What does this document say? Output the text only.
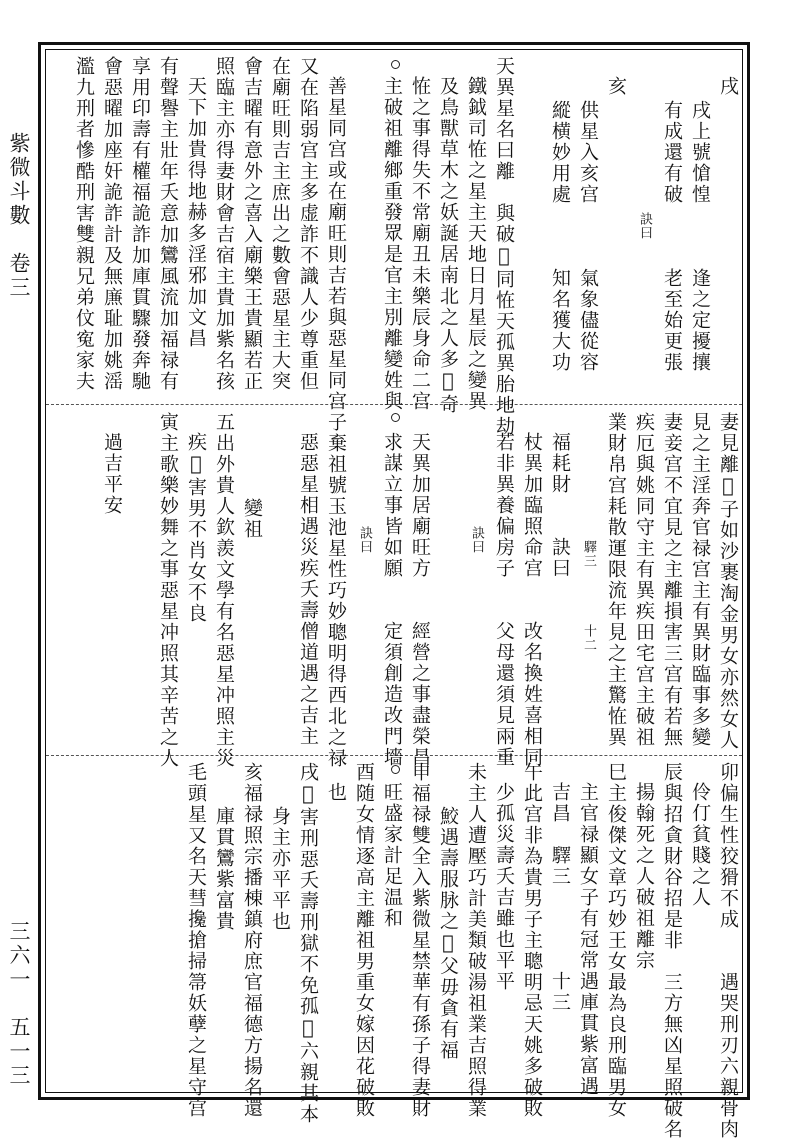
戌
戌上號愴惶　　　逢之定擾攘
有成還有破　　　老至始更張
　　　　　　訣曰
亥
供星入亥宫　　　氣象儘從容
縱横妙用處　　　知名獲大功
天異星名曰離　與破𣢾同恠天孤異胎地劫
鐵鉞司恠之星主天地日月星辰之變異
及鳥獸草木之妖誕居南北之人多𢤢奇
恠之事得失不常廟丑未樂辰身命二宫
主破祖離鄉重發眾是官主別離變姓與
善星同宫或在廟旺則吉若與惡星同宫
又在陷弱宫主多虚詐不識人少尊重但
在廟旺則吉主庶出之數會惡星主大突
會吉曜有意外之喜入廟樂王貴顯若正
照臨主亦得妻財會吉宿主貴加紫名孩
天下加貴得地赫多淫邪加文昌
有聲譽主壯年夭意加鸞風流加福禄有
享用印壽有權福詭詐加庫貫驟發奔馳
會惡曜加座奸詭詐計及無㢘耻加姚滛
濫九刑者慘酷刑害雙親兄弟伩寃家夫
妻見離𣢾子如沙裹淘金男女亦然女人
見之主淫奔官禄宫主有異財臨事多變
妻妾宫不宜見之主離損害三宫有若無
疾厄與姚同守主有異疾田宅宫主破祖
業財帛宫耗散運限流年見之主驚恠異
　　　　驛三　　　　十二
福耗財　　訣曰
杖異加臨照命宫　　改名換姓喜相同
若非異養偏房子　　父母還須見兩重
　　　訣曰
天異加居廟旺方　　經營之事盡榮昌
求謀立事皆如願　　定須創造改門墻
　　　訣曰
子棄祖號玉池星性巧妙聰明得西北之禄
惡惡星相遇災疾夭壽僧道遇之吉主
　　變祖
五出外貴人欽羨文學有名惡星冲照主災
疾𣢾害男不肖女不良
寅主歌樂妙舞之事惡星冲照其辛苦之人
過吉平安
卯偏生性狡猾不成　　遇哭刑刃六親骨肉
伶仃貧賤之人
辰與招貪財谷招是非　三方無凶星照破名
揚翰死之人破祖離宗
巳主俊傑文章巧妙王女最為良刑臨男女
主官禄顯女子有冠常遇庫貫紫富遇
吉昌　驛三　　　　十三
午此宫非為貴男子主聰明忌天姚多破敗
少孤災壽夭吉雖也平平
未主人遭壓巧計美類破湯祖業吉照得業
鮫遇壽服脉之𣢾父毋貪有福
申福禄雙全入紫微星禁華有孫子得妻財
旺盛家計足温和
酉随女情逐高主離祖男重女嫁因花破敗
也
戌𣢾害刑惡夭壽刑獄不免孤𣢾六親其本
身主亦平平也
亥福禄照宗播棟鎮府庶官福德方揚名還
庫貫鸞紫富貴
毛頭星又名天彗攙搶掃箒妖孽之星守宫
紫微斗數　卷三
三六一　五一三
